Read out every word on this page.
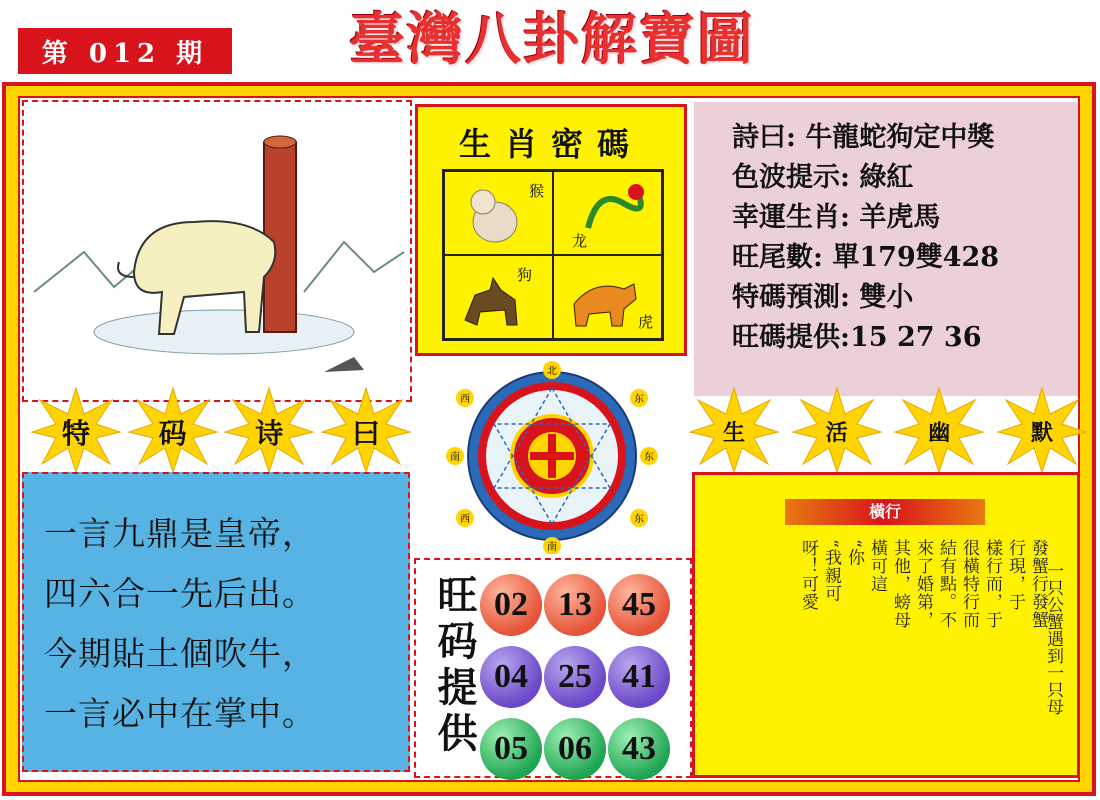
第 012 期	臺灣八卦解寶圖
生肖密碼
猴
龙
狗
虎
詩曰: 牛龍蛇狗定中獎
色波提示: 綠紅
幸運生肖: 羊虎馬
旺尾數: 單179雙428
特碼預測: 雙小
旺碼提供:15 27 36
特	码	诗	曰	生	活	幽	默
北
西	东
南	东
西	东
南
一言九鼎是皇帝，
四六合一先后出。
今期貼土個吹牛，
一言必中在掌中。	旺码提供 02 13 45
04 25 41
05 06 43
橫行
發蟹行發蟹
行現，于
樣行而，于
很橫特行而
結有點。不
來了婚第，
其他，螃母
橫可這
“你
“我親可
呀！可愛	一只公蟹遇到一只母
